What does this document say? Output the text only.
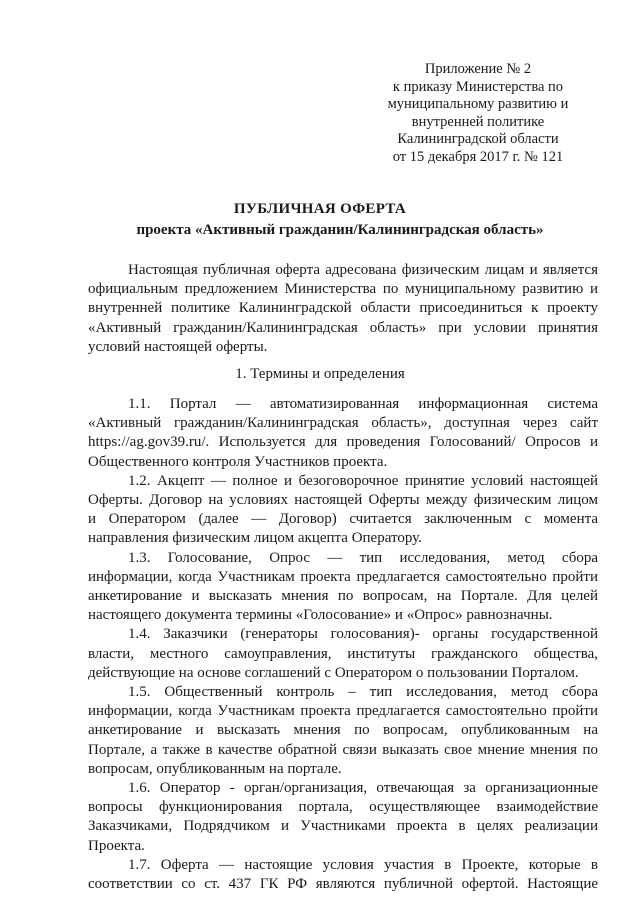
Приложение № 2
к приказу Министерства по
муниципальному развитию и
внутренней политике
Калининградской области
от 15 декабря 2017 г. № 121
ПУБЛИЧНАЯ ОФЕРТА
проекта «Активный гражданин/Калининградская область»
Настоящая публичная оферта адресована физическим лицам и является
официальным предложением Министерства по муниципальному развитию и
внутренней политике Калининградской области присоединиться к проекту
«Активный гражданин/Калининградская область» при условии принятия
условий настоящей оферты.
1. Термины и определения
1.1. Портал — автоматизированная информационная система
«Активный гражданин/Калининградская область», доступная через сайт
https://ag.gov39.ru/. Используется для проведения Голосований/ Опросов и
Общественного контроля Участников проекта.
1.2. Акцепт — полное и безоговорочное принятие условий настоящей
Оферты. Договор на условиях настоящей Оферты между физическим лицом
и Оператором (далее — Договор) считается заключенным с момента
направления физическим лицом акцепта Оператору.
1.3. Голосование, Опрос — тип исследования, метод сбора
информации, когда Участникам проекта предлагается самостоятельно пройти
анкетирование и высказать мнения по вопросам, на Портале. Для целей
настоящего документа термины «Голосование» и «Опрос» равнозначны.
1.4. Заказчики (генераторы голосования)- органы государственной
власти, местного самоуправления, институты гражданского общества,
действующие на основе соглашений с Оператором о пользовании Порталом.
1.5. Общественный контроль – тип исследования, метод сбора
информации, когда Участникам проекта предлагается самостоятельно пройти
анкетирование и высказать мнения по вопросам, опубликованным на
Портале, а также в качестве обратной связи выказать свое мнение мнения по
вопросам, опубликованным на портале.
1.6. Оператор - орган/организация, отвечающая за организационные
вопросы функционирования портала, осуществляющее взаимодействие
Заказчиками, Подрядчиком и Участниками проекта в целях реализации
Проекта.
1.7. Оферта — настоящие условия участия в Проекте, которые в
соответствии со ст. 437 ГК РФ являются публичной офертой. Настоящие
